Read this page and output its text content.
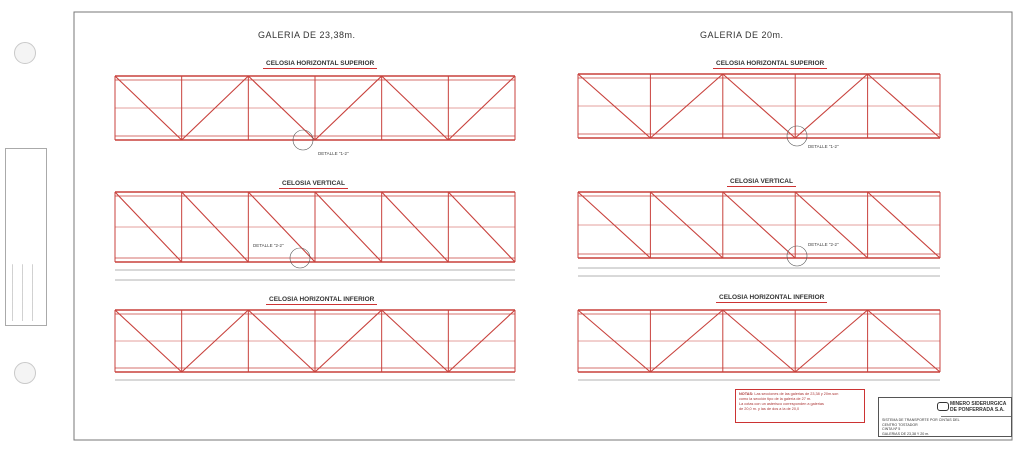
──────────────────── ──────────────────── ────────────────────
GALERIA DE 23,38m.	GALERIA DE 20m.
CELOSIA HORIZONTAL SUPERIOR
CELOSIA VERTICAL
CELOSIA HORIZONTAL INFERIOR
CELOSIA HORIZONTAL SUPERIOR
CELOSIA VERTICAL
CELOSIA HORIZONTAL INFERIOR
DETALLE "1-2"
DETALLE "2-2"
DETALLE "1-2"
DETALLE "2-2"
NOTAS: Las secciones de las galerias de 23,38 y 20m.son
como la sección tipo de la galería de 27 m.
La cotas con un asterisco corresponden a galerias
de 20,0 m. y las de dos a la de 20,0
MINERO SIDERURGICA
DE PONFERRADA S.A.
SISTEMA DE TRANSPORTE POR CINTAS DEL
CENTRO TOSTADOR
CINTA Nº 5
GALERIAS DE 23,38 Y 20 m.
